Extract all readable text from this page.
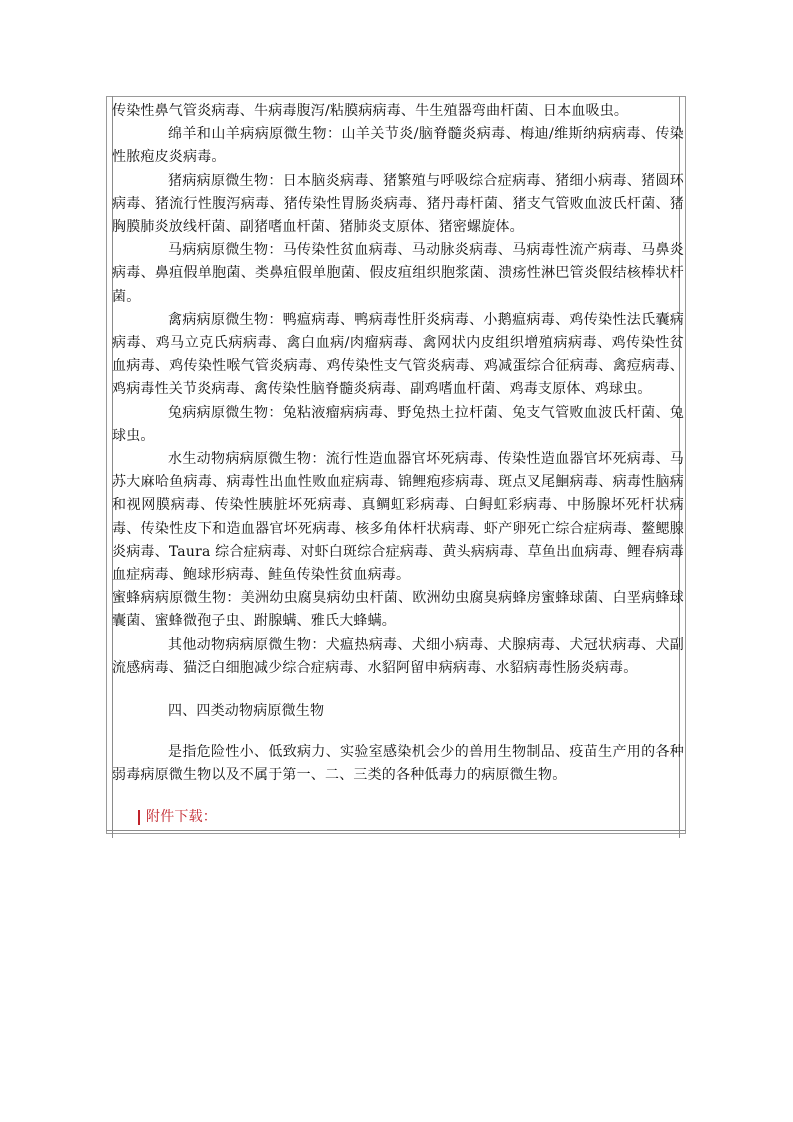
传染性鼻气管炎病毒、牛病毒腹泻/粘膜病病毒、牛生殖器弯曲杆菌、日本血吸虫。

绵羊和山羊病病原微生物：山羊关节炎/脑脊髓炎病毒、梅迪/维斯纳病病毒、传染性脓疱皮炎病毒。

猪病病原微生物：日本脑炎病毒、猪繁殖与呼吸综合症病毒、猪细小病毒、猪圆环病毒、猪流行性腹泻病毒、猪传染性胃肠炎病毒、猪丹毒杆菌、猪支气管败血波氏杆菌、猪胸膜肺炎放线杆菌、副猪嗜血杆菌、猪肺炎支原体、猪密螺旋体。

马病病原微生物：马传染性贫血病毒、马动脉炎病毒、马病毒性流产病毒、马鼻炎病毒、鼻疽假单胞菌、类鼻疽假单胞菌、假皮疽组织胞浆菌、溃疡性淋巴管炎假结核棒状杆菌。

禽病病原微生物：鸭瘟病毒、鸭病毒性肝炎病毒、小鹅瘟病毒、鸡传染性法氏囊病病毒、鸡马立克氏病病毒、禽白血病/肉瘤病毒、禽网状内皮组织增殖病病毒、鸡传染性贫血病毒、鸡传染性喉气管炎病毒、鸡传染性支气管炎病毒、鸡减蛋综合征病毒、禽痘病毒、鸡病毒性关节炎病毒、禽传染性脑脊髓炎病毒、副鸡嗜血杆菌、鸡毒支原体、鸡球虫。

兔病病原微生物：兔粘液瘤病病毒、野兔热土拉杆菌、兔支气管败血波氏杆菌、兔球虫。

水生动物病病原微生物：流行性造血器官坏死病毒、传染性造血器官坏死病毒、马苏大麻哈鱼病毒、病毒性出血性败血症病毒、锦鲤疱疹病毒、斑点叉尾鮰病毒、病毒性脑病和视网膜病毒、传染性胰脏坏死病毒、真鲷虹彩病毒、白鲟虹彩病毒、中肠腺坏死杆状病毒、传染性皮下和造血器官坏死病毒、核多角体杆状病毒、虾产卵死亡综合症病毒、鳌鳃腺炎病毒、Taura 综合症病毒、对虾白斑综合症病毒、黄头病病毒、草鱼出血病毒、鲤春病毒血症病毒、鲍球形病毒、鲑鱼传染性贫血病毒。

蜜蜂病病原微生物：美洲幼虫腐臭病幼虫杆菌、欧洲幼虫腐臭病蜂房蜜蜂球菌、白垩病蜂球囊菌、蜜蜂微孢子虫、跗腺螨、雅氏大蜂螨。

其他动物病病原微生物：犬瘟热病毒、犬细小病毒、犬腺病毒、犬冠状病毒、犬副流感病毒、猫泛白细胞减少综合症病毒、水貂阿留申病病毒、水貂病毒性肠炎病毒。

四、四类动物病原微生物

是指危险性小、低致病力、实验室感染机会少的兽用生物制品、疫苗生产用的各种弱毒病原微生物以及不属于第一、二、三类的各种低毒力的病原微生物。

附件下载：
